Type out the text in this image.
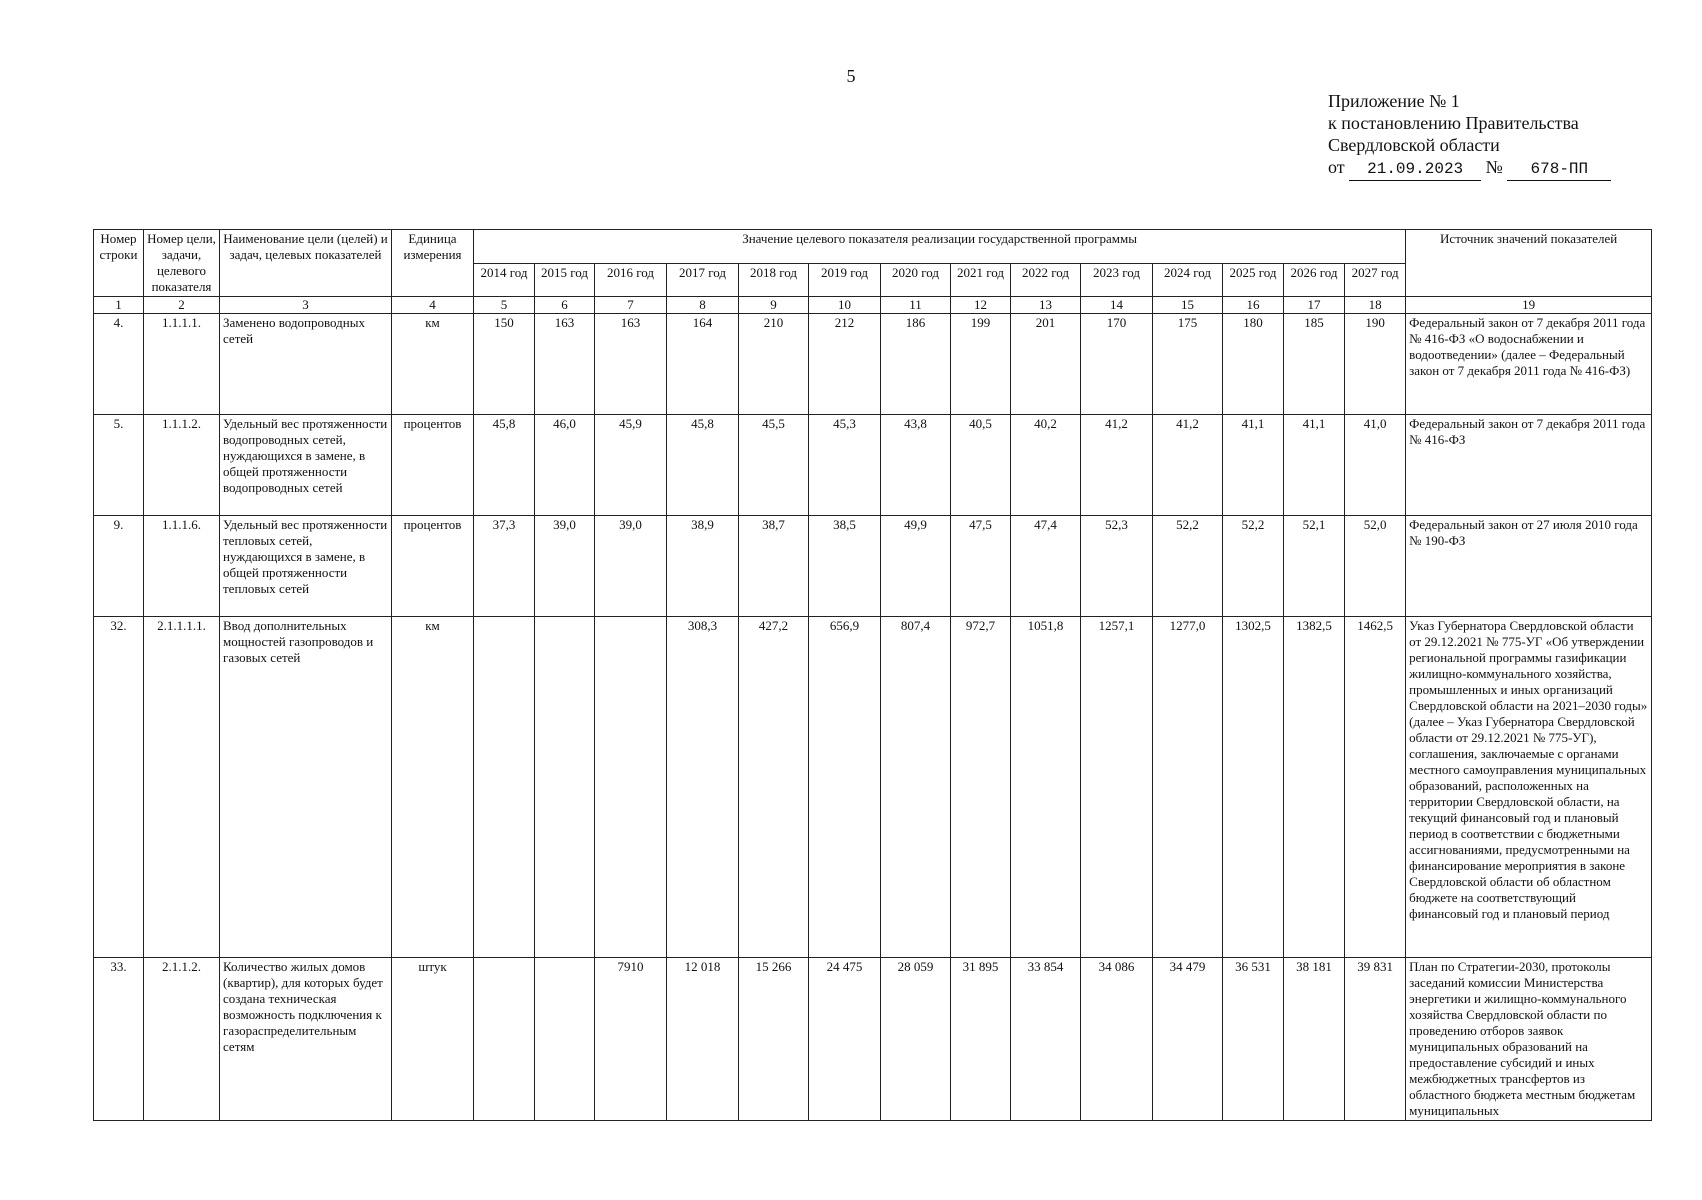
5
Приложение № 1
к постановлению Правительства
Свердловской области
от 21.09.2023 № 678-ПП
Номер строки	Номер цели, задачи, целевого показателя	Наименование цели (целей) и задач, целевых показателей	Единица измерения	Значение целевого показателя реализации государственной программы														Источник значений показателей
				2014 год	2015 год	2016 год	2017 год	2018 год	2019 год	2020 год	2021 год	2022 год	2023 год	2024 год	2025 год	2026 год	2027 год	
1	2	3	4	5	6	7	8	9	10	11	12	13	14	15	16	17	18	19
4.	1.1.1.1.	Заменено водопроводных сетей	км	150	163	163	164	210	212	186	199	201	170	175	180	185	190	Федеральный закон от 7 декабря 2011 года № 416-ФЗ «О водоснабжении и водоотведении» (далее – Федеральный закон от 7 декабря 2011 года № 416-ФЗ)
5.	1.1.1.2.	Удельный вес протяженности водопроводных сетей, нуждающихся в замене, в общей протяженности водопроводных сетей	процентов	45,8	46,0	45,9	45,8	45,5	45,3	43,8	40,5	40,2	41,2	41,2	41,1	41,1	41,0	Федеральный закон от 7 декабря 2011 года № 416-ФЗ
9.	1.1.1.6.	Удельный вес протяженности тепловых сетей, нуждающихся в замене, в общей протяженности тепловых сетей	процентов	37,3	39,0	39,0	38,9	38,7	38,5	49,9	47,5	47,4	52,3	52,2	52,2	52,1	52,0	Федеральный закон от 27 июля 2010 года № 190-ФЗ
32.	2.1.1.1.1.	Ввод дополнительных мощностей газопроводов и газовых сетей	км				308,3	427,2	656,9	807,4	972,7	1051,8	1257,1	1277,0	1302,5	1382,5	1462,5	Указ Губернатора Свердловской области от 29.12.2021 № 775-УГ «Об утверждении региональной программы газификации жилищно-коммунального хозяйства, промышленных и иных организаций Свердловской области на 2021–2030 годы» (далее – Указ Губернатора Свердловской области от 29.12.2021 № 775-УГ), соглашения, заключаемые с органами местного самоуправления муниципальных образований, расположенных на территории Свердловской области, на текущий финансовый год и плановый период в соответствии с бюджетными ассигнованиями, предусмотренными на финансирование мероприятия в законе Свердловской области об областном бюджете на соответствующий финансовый год и плановый период
33.	2.1.1.2.	Количество жилых домов (квартир), для которых будет создана техническая возможность подключения к газораспределительным сетям	штук			7910	12 018	15 266	24 475	28 059	31 895	33 854	34 086	34 479	36 531	38 181	39 831	План по Стратегии-2030, протоколы заседаний комиссии Министерства энергетики и жилищно-коммунального хозяйства Свердловской области по проведению отборов заявок муниципальных образований на предоставление субсидий и иных межбюджетных трансфертов из областного бюджета местным бюджетам муниципальных
